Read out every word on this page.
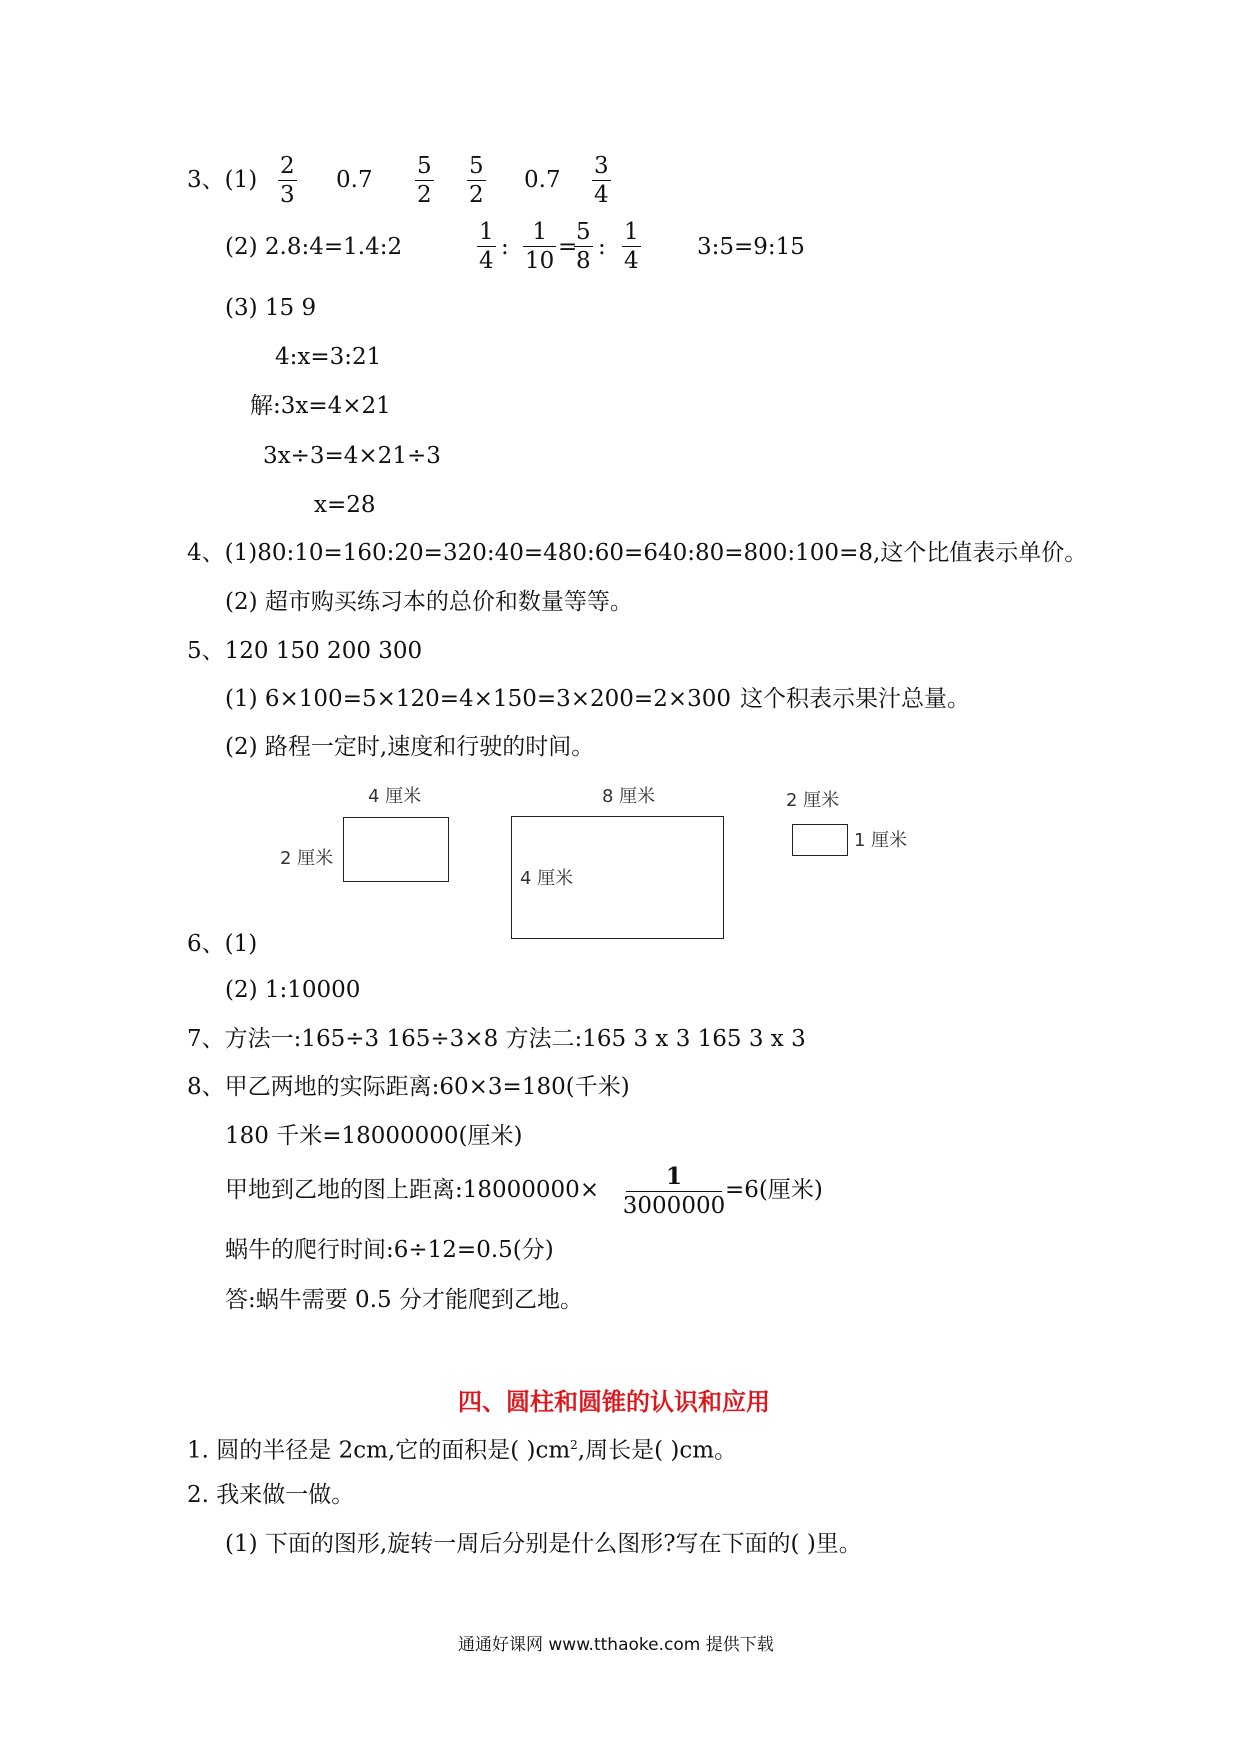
3、(1)
2
3
0.7
5
2
5
2
0.7
3
4
(2) 2.8:4=1.4:2
1
4
:
1
10
=
5
8
:
1
4
3:5=9:15
(3) 15 9
4:x=3:21
解:3x=4×21
3x÷3=4×21÷3
x=28
4、(1)80:10=160:20=320:40=480:60=640:80=800:100=8,这个比值表示单价。
(2) 超市购买练习本的总价和数量等等。
5、120 150 200 300
(1) 6×100=5×120=4×150=3×200=2×300 这个积表示果汁总量。
(2) 路程一定时,速度和行驶的时间。
4 厘米
2 厘米
8 厘米
4 厘米
2 厘米
1 厘米
6、(1)
(2) 1:10000
7、方法一:165÷3 165÷3×8 方法二:165 3 x 3 165 3 x 3
8、甲乙两地的实际距离:60×3=180(千米)
180 千米=18000000(厘米)
甲地到乙地的图上距离:18000000×	1
3000000
=6(厘米)
蜗牛的爬行时间:6÷12=0.5(分)
答:蜗牛需要 0.5 分才能爬到乙地。
四、圆柱和圆锥的认识和应用
1. 圆的半径是 2cm,它的面积是( )$cm^2$,周长是( )cm。
2. 我来做一做。
(1) 下面的图形,旋转一周后分别是什么图形?写在下面的( )里。
通通好课网 www.tthaoke.com 提供下载
